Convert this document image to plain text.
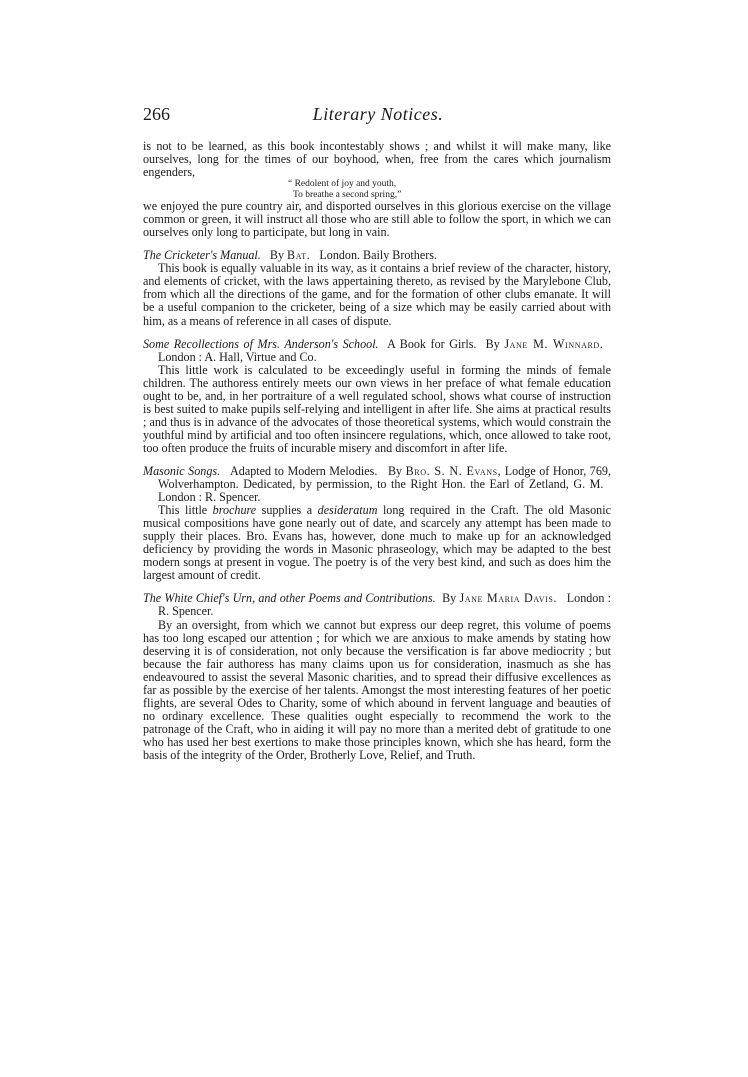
266	Literary Notices.

is not to be learned, as this book incontestably shows ; and whilst it will make many, like ourselves, long for the times of our boyhood, when, free from the cares which journalism engenders,

“ Redolent of joy and youth,
To breathe a second spring,”

we enjoyed the pure country air, and disported ourselves in this glorious exercise on the village common or green, it will instruct all those who are still able to follow the sport, in which we can ourselves only long to participate, but long in vain.

The Cricketer's Manual. By Bat. London. Baily Brothers.

This book is equally valuable in its way, as it contains a brief review of the character, history, and elements of cricket, with the laws appertaining thereto, as revised by the Marylebone Club, from which all the directions of the game, and for the formation of other clubs emanate. It will be a useful companion to the cricketer, being of a size which may be easily carried about with him, as a means of reference in all cases of dispute.

Some Recollections of Mrs. Anderson's School. A Book for Girls. By Jane M. Winnard.   London : A. Hall, Virtue and Co.

This little work is calculated to be exceedingly useful in forming the minds of female children. The authoress entirely meets our own views in her preface of what female education ought to be, and, in her portraiture of a well regulated school, shows what course of instruction is best suited to make pupils self-relying and intelligent in after life. She aims at practical results ; and thus is in advance of the advocates of those theoretical systems, which would constrain the youthful mind by artificial and too often insincere regulations, which, once allowed to take root, too often produce the fruits of incurable misery and discomfort in after life.

Masonic Songs. Adapted to Modern Melodies. By Bro. S. N. Evans, Lodge of Honor, 769, Wolverhampton. Dedicated, by permission, to the Right Hon. the Earl of Zetland, G. M.   London : R. Spencer.

This little brochure supplies a desideratum long required in the Craft. The old Masonic musical compositions have gone nearly out of date, and scarcely any attempt has been made to supply their places. Bro. Evans has, however, done much to make up for an acknowledged deficiency by providing the words in Masonic phraseology, which may be adapted to the best modern songs at present in vogue. The poetry is of the very best kind, and such as does him the largest amount of credit.

The White Chief's Urn, and other Poems and Contributions. By Jane Maria Davis. London : R. Spencer.

By an oversight, from which we cannot but express our deep regret, this volume of poems has too long escaped our attention ; for which we are anxious to make amends by stating how deserving it is of consideration, not only because the versification is far above mediocrity ; but because the fair authoress has many claims upon us for consideration, inasmuch as she has endeavoured to assist the several Masonic charities, and to spread their diffusive excellences as far as possible by the exercise of her talents. Amongst the most interesting features of her poetic flights, are several Odes to Charity, some of which abound in fervent language and beauties of no ordinary excellence. These qualities ought especially to recommend the work to the patronage of the Craft, who in aiding it will pay no more than a merited debt of gratitude to one who has used her best exertions to make those principles known, which she has heard, form the basis of the integrity of the Order, Brotherly Love, Relief, and Truth.
